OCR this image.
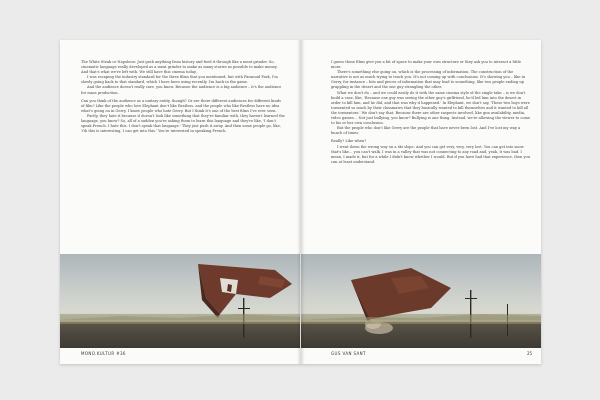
The White Steak or Napoleon: Just grab anything from history and feed it through like a meat grinder. So, cinematic language really developed as a meat grinder to make as many stories as possible to make money. And that's what we're left with. We still have this cinema today.

I was escaping the industry standard for the three films that you mentioned, but with Paranoid Park, I'm slowly going back to that standard, which I have been using recently. I'm back in the game.

And the audience doesn't really care, you know. Because the audience is a big audience – it's the audience for mass production.

Can you think of the audience as a unitary entity, though? Or are there different audiences for different kinds of film? Like the people who love Elephant don't like Restless, and the people who like Restless have no idea what's going on in Gerry. I know people who hate Gerry. But I think it's one of the best films I've ever seen.

Partly, they hate it because it doesn't look like something that they're familiar with, they haven't learned the language, you know? So, all of a sudden you're asking them to learn this language and they're like, 'I don't speak French. I hate this. I don't speak that language.' They just push it away. And then some people go, like, 'Oh this is interesting, I can get into this.' You're interested in speaking French.

MONO.KULTUR #36

I guess those films give you a bit of space to make your own structure or they ask you to interact a little more.

There's something else going on, which is the processing of information. The construction of the narrative is not as much trying to teach you. It's not coming up with conclusions. It's showing you – like in Gerry, for instance – bits and pieces of information that may lead to something, like two people ending up grappling in the desert and the one guy strangling the other.

What we don't do – and we could easily do it with the same cinema style of the single take – is we don't build a case, like, 'Because one guy was seeing the other guy's girlfriend, he'd led him into the desert in order to kill him, and he did, and that was why it happened.' In Elephant, we don't say, 'These two boys were tormented so much by their classmates that they basically wanted to kill themselves and it wanted to kill all the tormentors.' We don't say that. Because there are other suspects involved, like gun availability, media, video games… Not just bullying, you know? Bullying is one thing. Instead, we're allowing the viewer to come to his or her own conclusion.

But the people who don't like Gerry are the people that have never been lost. And I've lost my way a bunch of times.

Really? Like when?

I went down the wrong way on a ski slope. And you can get very, very, very lost. You can get into snow that's like… you can't walk. I was in a valley that was not connecting to any road and, yeah, it was bad. I mean, I made it, but for a while I didn't know whether I would. But if you have had that experience, then you can at least understand.

GUS VAN SANT	25
